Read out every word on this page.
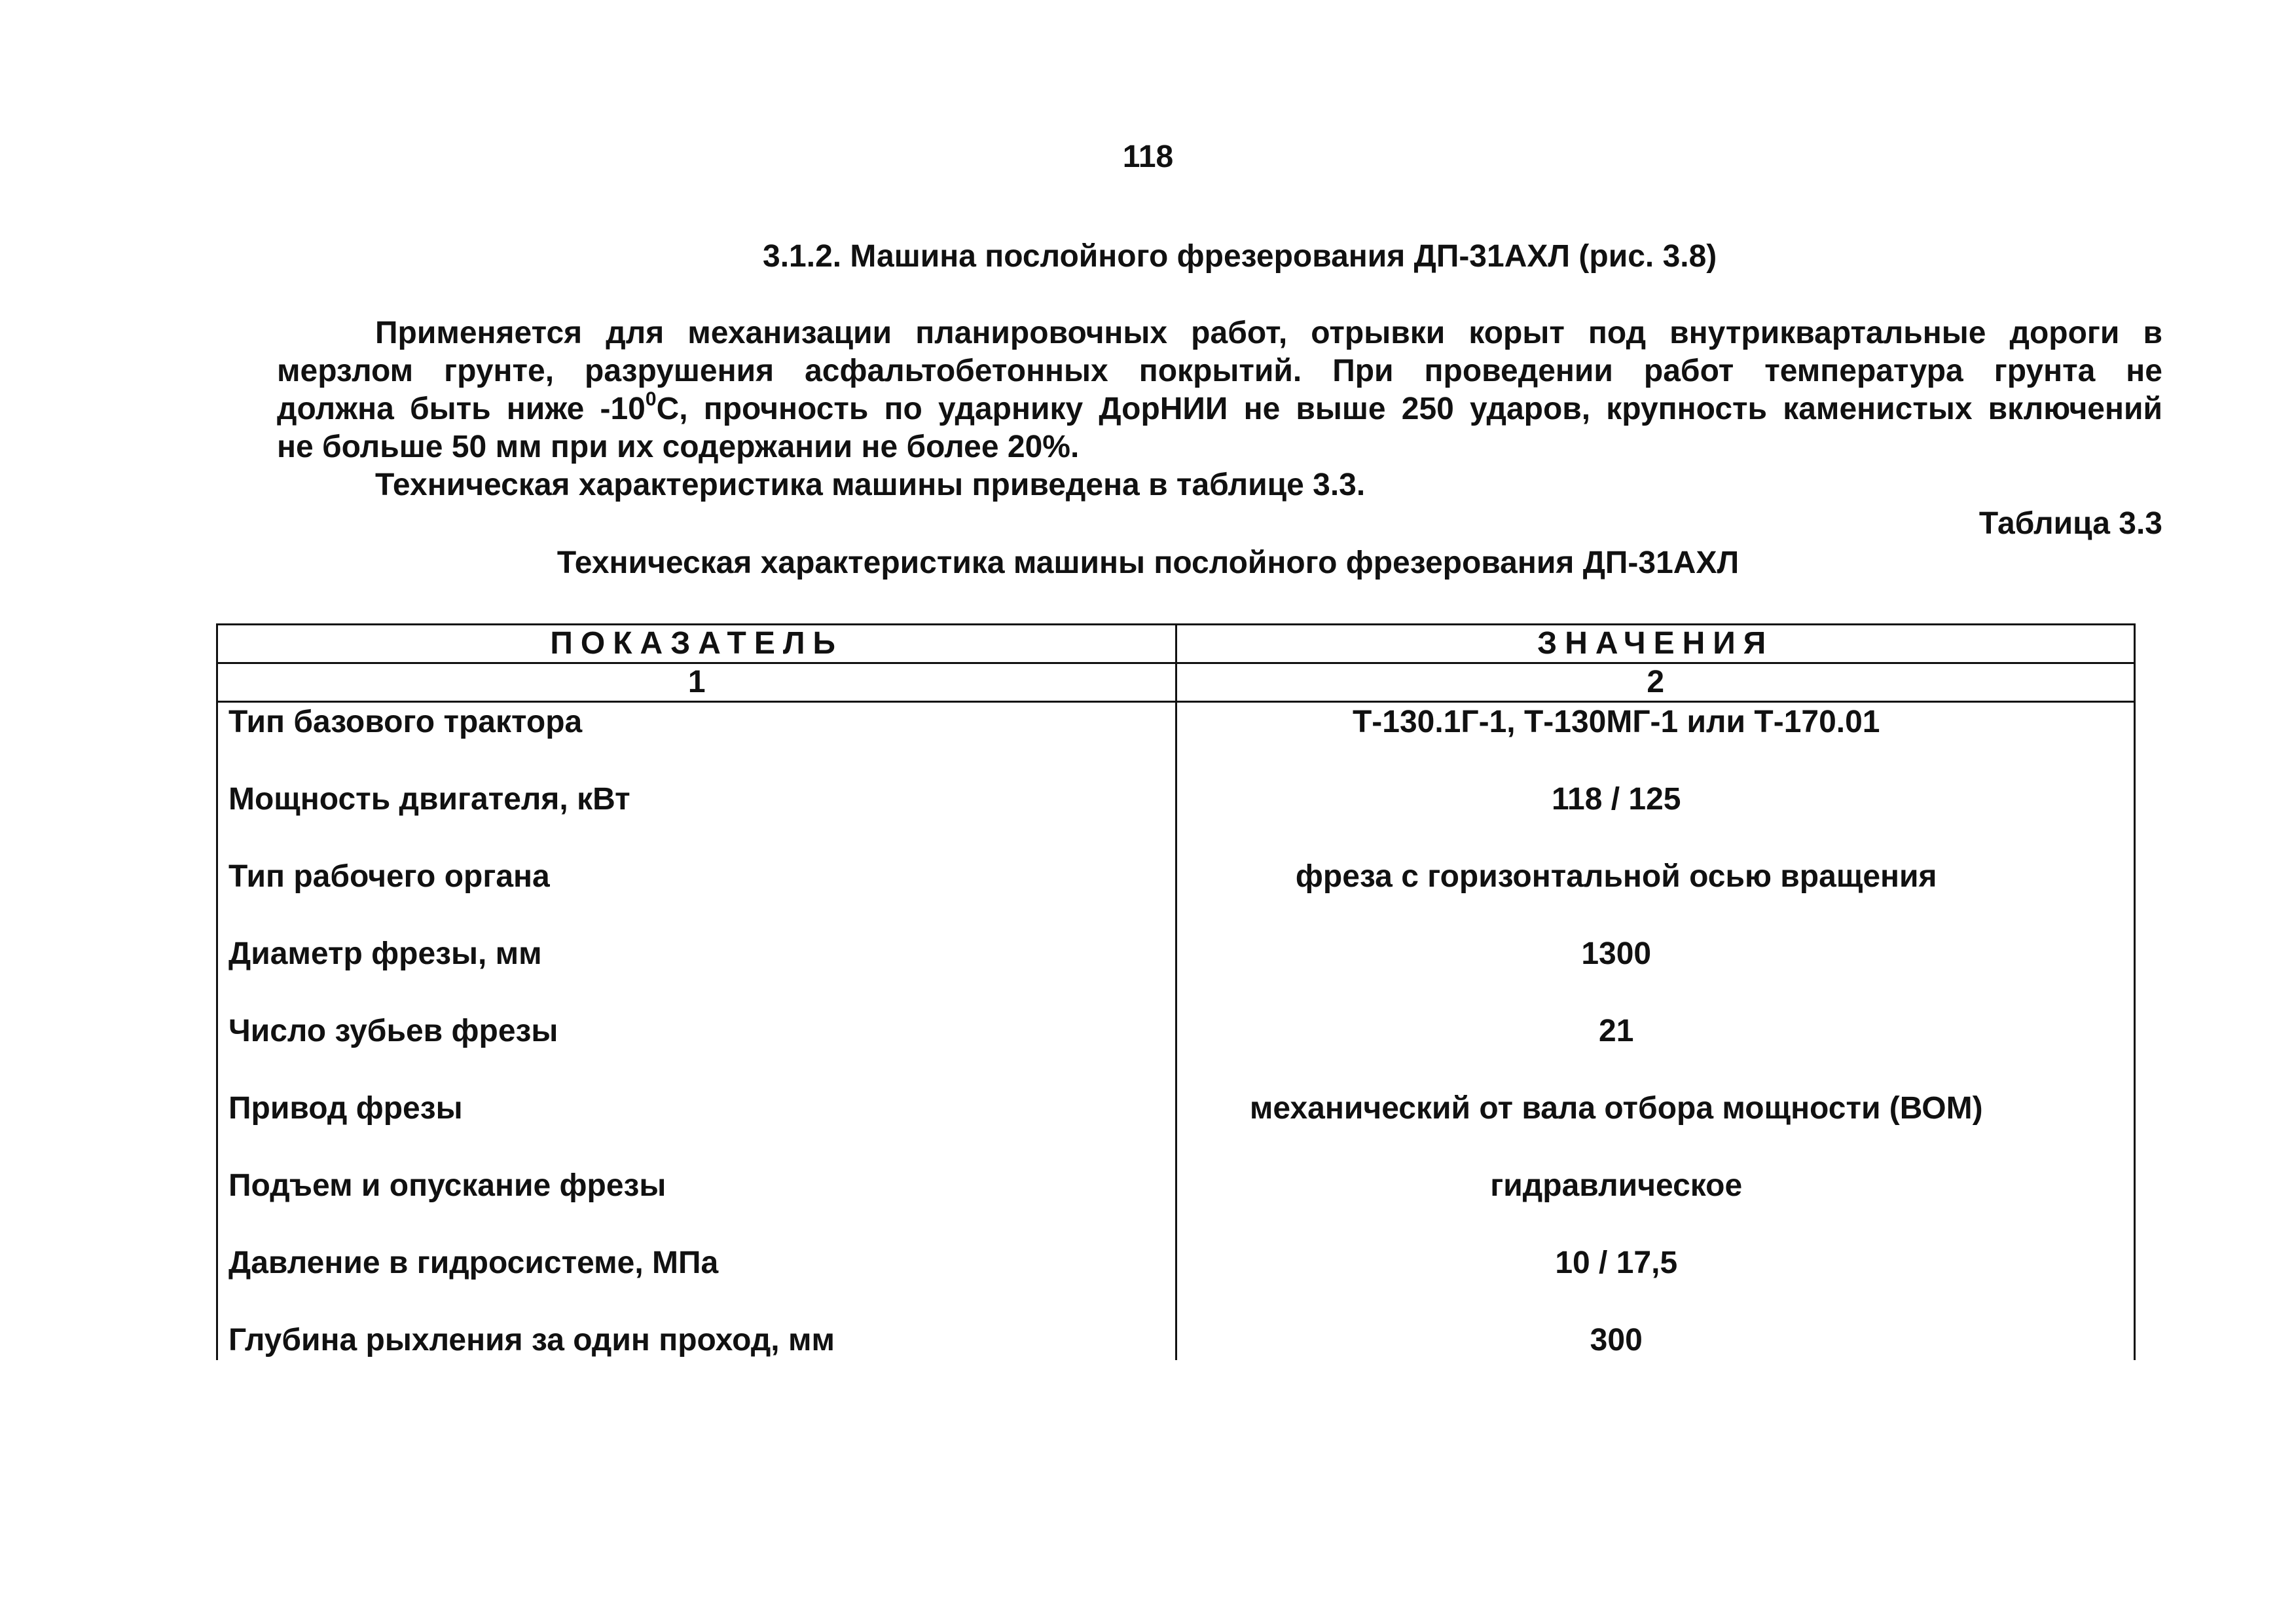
118
3.1.2. Машина послойного фрезерования ДП-31АХЛ (рис. 3.8)

Применяется для механизации планировочных работ, отрывки корыт под внутриквартальные дороги в
мерзлом грунте, разрушения асфальтобетонных покрытий. При проведении работ температура грунта не
должна быть ниже $-10^0С$, прочность по ударнику ДорНИИ не выше 250 ударов, крупность каменистых включений
не больше 50 мм при их содержании не более 20%.

Техническая характеристика машины приведена в таблице 3.3.

Таблица 3.3
Техническая характеристика машины послойного фрезерования ДП-31АХЛ
ПОКАЗАТЕЛЬ	ЗНАЧЕНИЯ
1	2
Тип базового трактора	Т-130.1Г-1, Т-130МГ-1 или Т-170.01
Мощность двигателя, кВт	118 / 125
Тип рабочего органа	фреза с горизонтальной осью вращения
Диаметр фрезы, мм	1300
Число зубьев фрезы	21
Привод фрезы	механический от вала отбора мощности (ВОМ)
Подъем и опускание фрезы	гидравлическое
Давление в гидросистеме, МПа	10 / 17,5
Глубина рыхления за один проход, мм	300
